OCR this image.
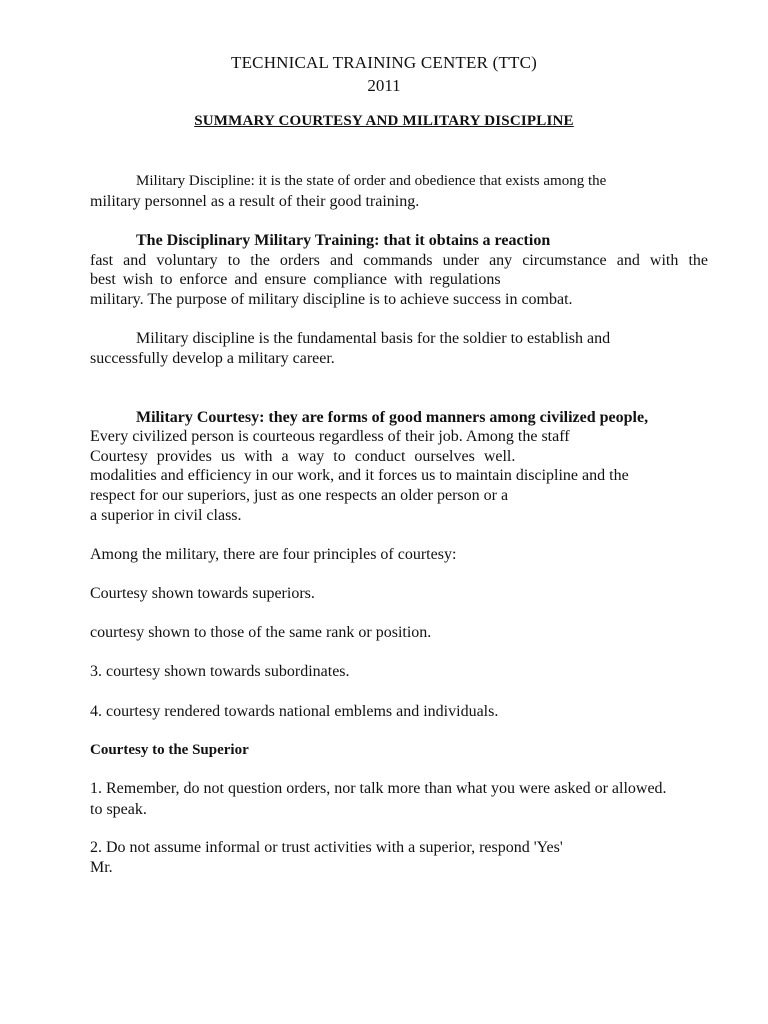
TECHNICAL TRAINING CENTER (TTC)
2011
SUMMARY COURTESY AND MILITARY DISCIPLINE
Military Discipline: it is the state of order and obedience that exists among the
military personnel as a result of their good training.
The Disciplinary Military Training: that it obtains a reaction
fast and voluntary to the orders and commands under any circumstance and with the
best wish to enforce and ensure compliance with regulations
military. The purpose of military discipline is to achieve success in combat.
Military discipline is the fundamental basis for the soldier to establish and
successfully develop a military career.
Military Courtesy: they are forms of good manners among civilized people,
Every civilized person is courteous regardless of their job. Among the staff
Courtesy provides us with a way to conduct ourselves well.
modalities and efficiency in our work, and it forces us to maintain discipline and the
respect for our superiors, just as one respects an older person or a
a superior in civil class.
Among the military, there are four principles of courtesy:
Courtesy shown towards superiors.
courtesy shown to those of the same rank or position.
3. courtesy shown towards subordinates.
4. courtesy rendered towards national emblems and individuals.
Courtesy to the Superior
1. Remember, do not question orders, nor talk more than what you were asked or allowed.
to speak.
2. Do not assume informal or trust activities with a superior, respond 'Yes'
Mr.
